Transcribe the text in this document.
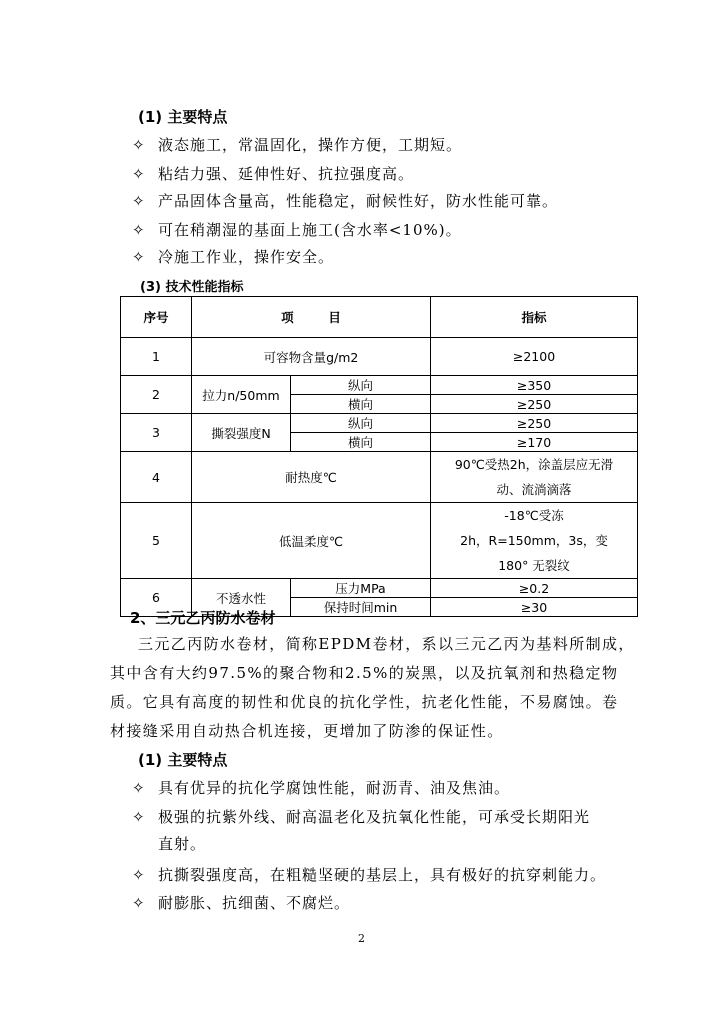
(1) 主要特点
✧ 液态施工，常温固化，操作方便，工期短。
✧ 粘结力强、延伸性好、抗拉强度高。
✧ 产品固体含量高，性能稳定，耐候性好，防水性能可靠。
✧ 可在稍潮湿的基面上施工(含水率<10%)。
✧ 冷施工作业，操作安全。
(3) 技术性能指标
序号	项        目		指标
1	可容物含量g/m2		≥2100
2	拉力n/50mm	纵向	≥350
		横向	≥250
3	撕裂强度N	纵向	≥250
		横向	≥170
4	耐热度℃		90℃受热2h，涂盖层应无滑
动、流淌滴落

5	低温柔度℃		-18℃受冻
2h，R=150mm，3s，变
180° 无裂纹

6	不透水性	压力MPa	≥0.2
		保持时间min	≥30
2、三元乙丙防水卷材
三元乙丙防水卷材，简称EPDM卷材，系以三元乙丙为基料所制成，
其中含有大约97.5%的聚合物和2.5%的炭黑，以及抗氧剂和热稳定物
质。它具有高度的韧性和优良的抗化学性，抗老化性能，不易腐蚀。卷
材接缝采用自动热合机连接，更增加了防渗的保证性。
(1) 主要特点
✧ 具有优异的抗化学腐蚀性能，耐沥青、油及焦油。
✧ 极强的抗紫外线、耐高温老化及抗氧化性能，可承受长期阳光
直射。
✧ 抗撕裂强度高，在粗糙坚硬的基层上，具有极好的抗穿刺能力。
✧ 耐膨胀、抗细菌、不腐烂。
2
